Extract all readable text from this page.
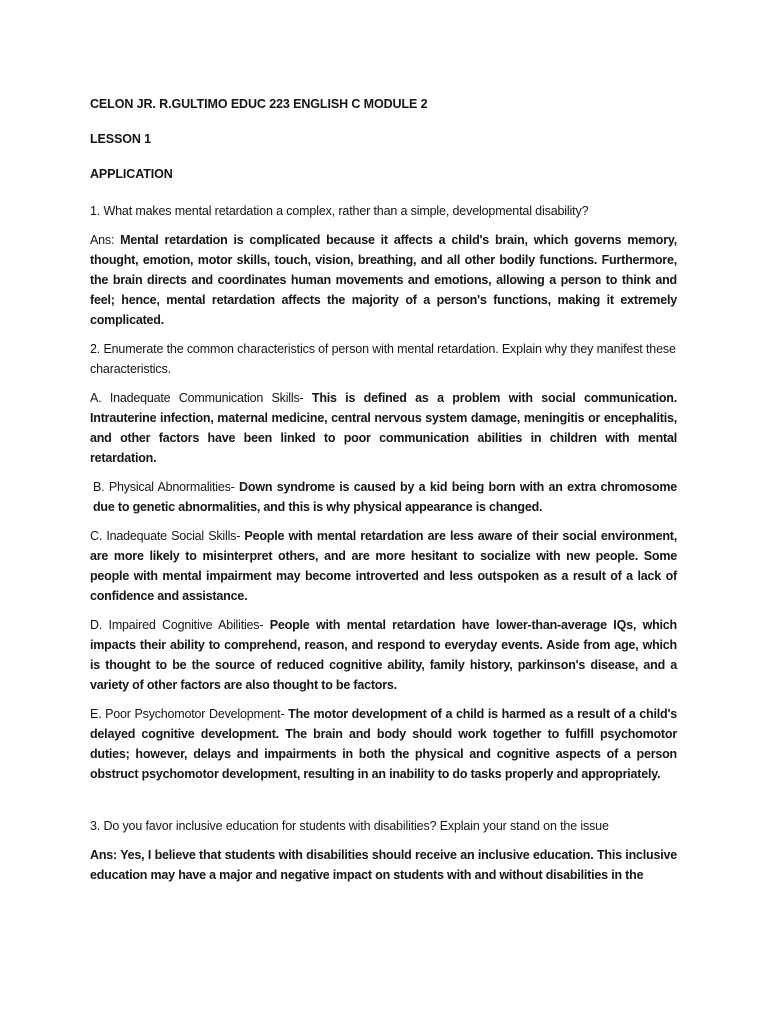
CELON JR. R.GULTIMO EDUC 223 ENGLISH C MODULE 2
LESSON 1
APPLICATION
1. What makes mental retardation a complex, rather than a simple, developmental disability?
Ans: Mental retardation is complicated because it affects a child's brain, which governs memory, thought, emotion, motor skills, touch, vision, breathing, and all other bodily functions. Furthermore, the brain directs and coordinates human movements and emotions, allowing a person to think and feel; hence, mental retardation affects the majority of a person's functions, making it extremely complicated.
2. Enumerate the common characteristics of person with mental retardation. Explain why they manifest these characteristics.
A. Inadequate Communication Skills- This is defined as a problem with social communication. Intrauterine infection, maternal medicine, central nervous system damage, meningitis or encephalitis, and other factors have been linked to poor communication abilities in children with mental retardation.
B. Physical Abnormalities- Down syndrome is caused by a kid being born with an extra chromosome due to genetic abnormalities, and this is why physical appearance is changed.
C. Inadequate Social Skills- People with mental retardation are less aware of their social environment, are more likely to misinterpret others, and are more hesitant to socialize with new people. Some people with mental impairment may become introverted and less outspoken as a result of a lack of confidence and assistance.
D. Impaired Cognitive Abilities- People with mental retardation have lower-than-average IQs, which impacts their ability to comprehend, reason, and respond to everyday events. Aside from age, which is thought to be the source of reduced cognitive ability, family history, parkinson's disease, and a variety of other factors are also thought to be factors.
E. Poor Psychomotor Development- The motor development of a child is harmed as a result of a child's delayed cognitive development. The brain and body should work together to fulfill psychomotor duties; however, delays and impairments in both the physical and cognitive aspects of a person obstruct psychomotor development, resulting in an inability to do tasks properly and appropriately.
3. Do you favor inclusive education for students with disabilities? Explain your stand on the issue
Ans: Yes, I believe that students with disabilities should receive an inclusive education. This inclusive education may have a major and negative impact on students with and without disabilities in the
